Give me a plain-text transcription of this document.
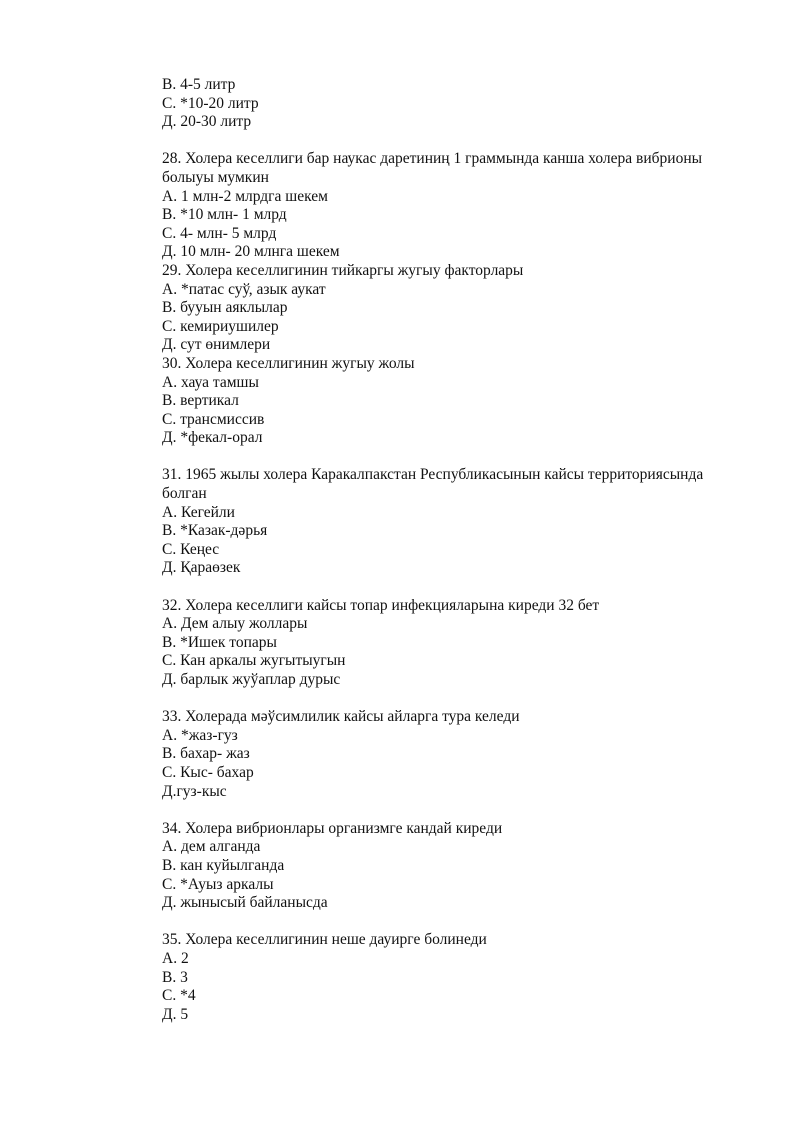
В. 4-5 литр

С. *10-20 литр

Д. 20-30 литр

28. Холера кеселлиги бар наукас даретиниң 1 граммында канша холера вибрионы болыуы мумкин

А. 1 млн-2 млрдга шекем

В. *10 млн- 1 млрд

С. 4- млн- 5 млрд

Д. 10 млн- 20 млнга шекем

29. Холера кеселлигинин тийкаргы жугыу факторлары

А. *патас суў, азык аукат

В. бууын аяклылар

С. кемириушилер

Д. сут өнимлери

30. Холера кеселлигинин жугыу жолы

А. хауа тамшы

В. вертикал

С. трансмиссив

Д. *фекал-орал

31. 1965 жылы холера Каракалпакстан Республикасынын кайсы территориясында болган

А. Кегейли

В. *Казак-дәрья

С. Кеңес

Д. Қараөзек

32. Холера кеселлиги кайсы топар инфекцияларына киреди 32 бет

А. Дем алыу жоллары

В. *Ишек топары

С. Кан аркалы жугытыугын

Д. барлык жуўаплар дурыс

33. Холерада мәўсимлилик кайсы айларга тура келеди

А. *жаз-гуз

В. бахар- жаз

С. Кыс- бахар

Д.гуз-кыс

34. Холера вибрионлары организмге кандай киреди

А. дем алганда

В. кан куйылганда

С. *Ауыз аркалы

Д. жынысый байланысда

35. Холера кеселлигинин неше дауирге болинеди

А. 2

В. 3

С. *4

Д. 5
